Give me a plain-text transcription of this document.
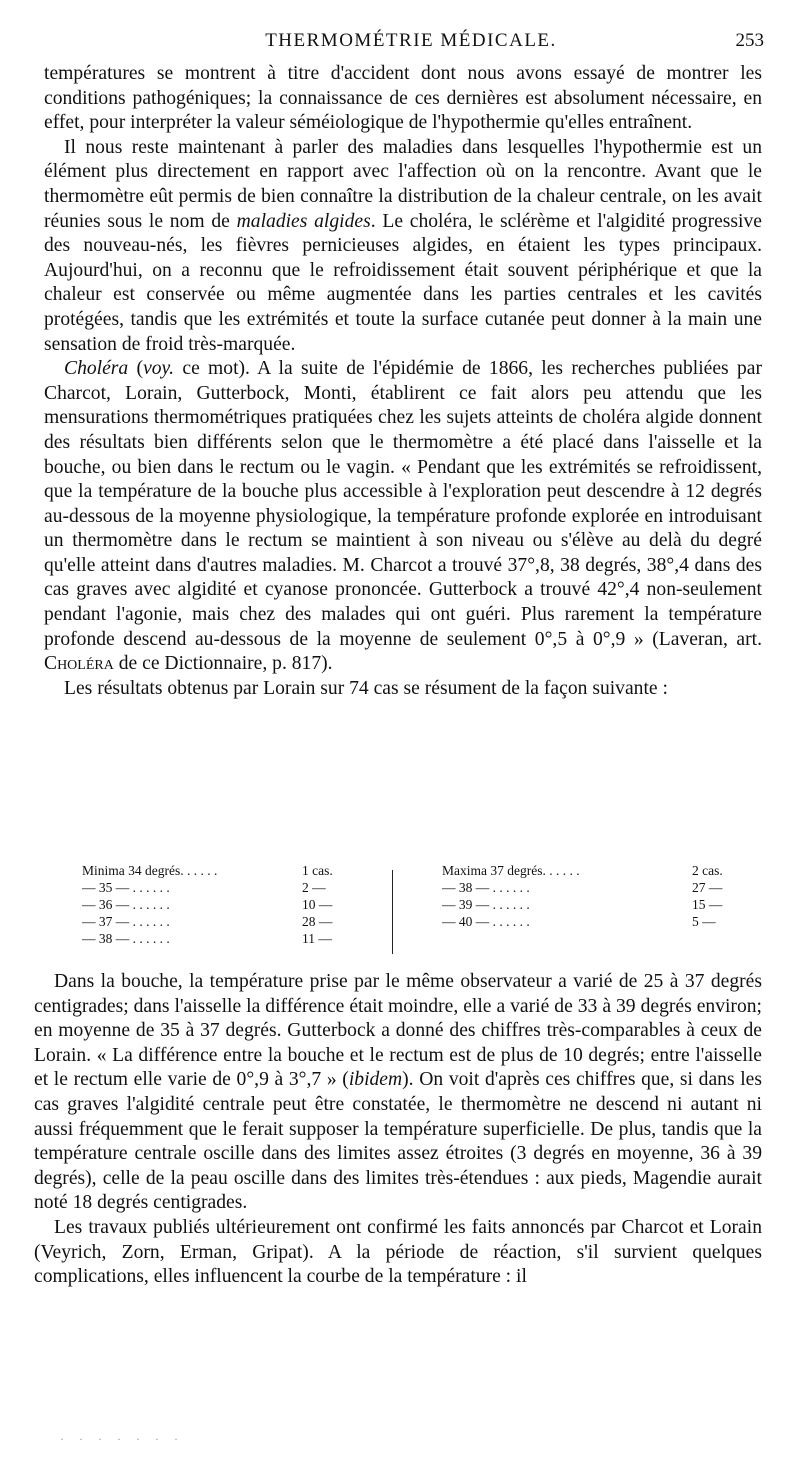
THERMOMÉTRIE MÉDICALE.	253

températures se montrent à titre d'accident dont nous avons essayé de montrer les conditions pathogéniques; la connaissance de ces dernières est absolument nécessaire, en effet, pour interpréter la valeur séméiologique de l'hypothermie qu'elles entraînent.

Il nous reste maintenant à parler des maladies dans lesquelles l'hypothermie est un élément plus directement en rapport avec l'affection où on la rencontre. Avant que le thermomètre eût permis de bien connaître la distribution de la chaleur centrale, on les avait réunies sous le nom de maladies algides. Le choléra, le sclérème et l'algidité progressive des nouveau-nés, les fièvres pernicieuses algides, en étaient les types principaux. Aujourd'hui, on a reconnu que le refroidissement était souvent périphérique et que la chaleur est conservée ou même augmentée dans les parties centrales et les cavités protégées, tandis que les extrémités et toute la surface cutanée peut donner à la main une sensation de froid très-marquée.

Choléra (voy. ce mot). A la suite de l'épidémie de 1866, les recherches publiées par Charcot, Lorain, Gutterbock, Monti, établirent ce fait alors peu attendu que les mensurations thermométriques pratiquées chez les sujets atteints de choléra algide donnent des résultats bien différents selon que le thermomètre a été placé dans l'aisselle et la bouche, ou bien dans le rectum ou le vagin. « Pendant que les extrémités se refroidissent, que la température de la bouche plus accessible à l'exploration peut descendre à 12 degrés au-dessous de la moyenne physiologique, la température profonde explorée en introduisant un thermomètre dans le rectum se maintient à son niveau ou s'élève au delà du degré qu'elle atteint dans d'autres maladies. M. Charcot a trouvé 37°,8, 38 degrés, 38°,4 dans des cas graves avec algidité et cyanose prononcée. Gutterbock a trouvé 42°,4 non-seulement pendant l'agonie, mais chez des malades qui ont guéri. Plus rarement la température profonde descend au-dessous de la moyenne de seulement 0°,5 à 0°,9 » (Laveran, art. Choléra de ce Dictionnaire, p. 817).

Les résultats obtenus par Lorain sur 74 cas se résument de la façon suivante :

Minima 34 degrés. . . . . .	1 cas.
— 35 — . . . . . .	2 —
— 36 — . . . . . .	10 —
— 37 — . . . . . .	28 —
— 38 — . . . . . .	11 —
Maxima 37 degrés. . . . . .	2 cas.
— 38 — . . . . . .	27 —
— 39 — . . . . . .	15 —
— 40 — . . . . . .	5 —

Dans la bouche, la température prise par le même observateur a varié de 25 à 37 degrés centigrades; dans l'aisselle la différence était moindre, elle a varié de 33 à 39 degrés environ; en moyenne de 35 à 37 degrés. Gutterbock a donné des chiffres très-comparables à ceux de Lorain. « La différence entre la bouche et le rectum est de plus de 10 degrés; entre l'aisselle et le rectum elle varie de 0°,9 à 3°,7 » (ibidem). On voit d'après ces chiffres que, si dans les cas graves l'algidité centrale peut être constatée, le thermomètre ne descend ni autant ni aussi fréquemment que le ferait supposer la température superficielle. De plus, tandis que la température centrale oscille dans des limites assez étroites (3 degrés en moyenne, 36 à 39 degrés), celle de la peau oscille dans des limites très-étendues : aux pieds, Magendie aurait noté 18 degrés centigrades.

Les travaux publiés ultérieurement ont confirmé les faits annoncés par Charcot et Lorain (Veyrich, Zorn, Erman, Gripat). A la période de réaction, s'il survient quelques complications, elles influencent la courbe de la température : il

· · · · · · ·
